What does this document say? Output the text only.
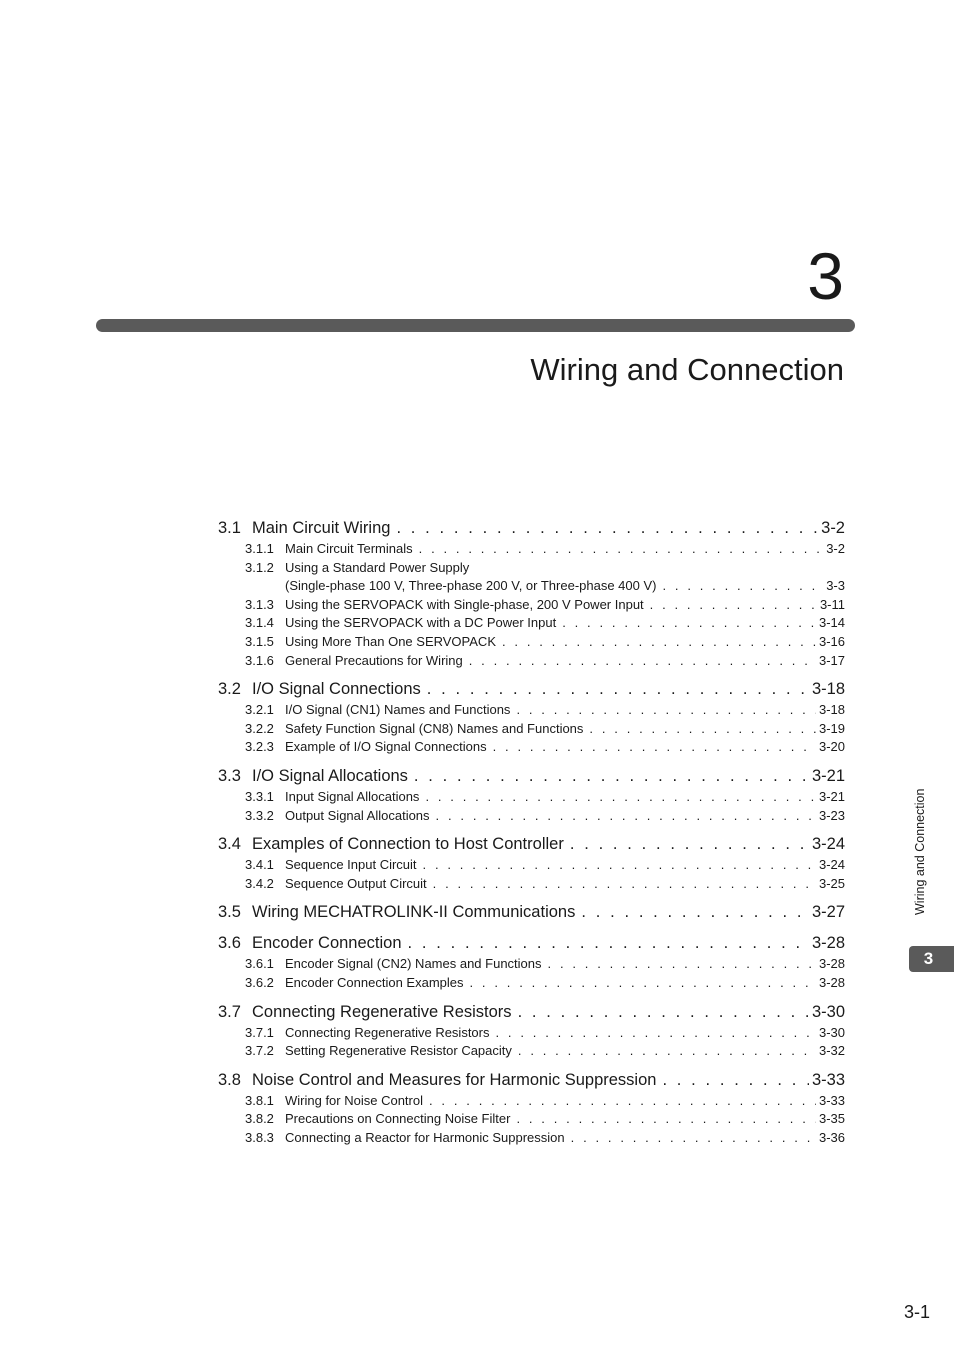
3
Wiring and Connection
3.1 Main Circuit Wiring . . .	3-2
3.1.1 Main Circuit Terminals . . .	3-2
3.1.2 Using a Standard Power Supply
(Single-phase 100 V, Three-phase 200 V, or Three-phase 400 V) . . .	3-3
3.1.3 Using the SERVOPACK with Single-phase, 200 V Power Input . . .	3-11
3.1.4 Using the SERVOPACK with a DC Power Input . . .	3-14
3.1.5 Using More Than One SERVOPACK . . .	3-16
3.1.6 General Precautions for Wiring . . .	3-17
3.2 I/O Signal Connections . . .	3-18
3.2.1 I/O Signal (CN1) Names and Functions . . .	3-18
3.2.2 Safety Function Signal (CN8) Names and Functions . . .	3-19
3.2.3 Example of I/O Signal Connections . . .	3-20
3.3 I/O Signal Allocations . . .	3-21
3.3.1 Input Signal Allocations . . .	3-21
3.3.2 Output Signal Allocations . . .	3-23
3.4 Examples of Connection to Host Controller . . .	3-24
3.4.1 Sequence Input Circuit . . .	3-24
3.4.2 Sequence Output Circuit . . .	3-25
3.5 Wiring MECHATROLINK-II Communications . . .	3-27
3.6 Encoder Connection . . .	3-28
3.6.1 Encoder Signal (CN2) Names and Functions . . .	3-28
3.6.2 Encoder Connection Examples . . .	3-28
3.7 Connecting Regenerative Resistors . . .	3-30
3.7.1 Connecting Regenerative Resistors . . .	3-30
3.7.2 Setting Regenerative Resistor Capacity . . .	3-32
3.8 Noise Control and Measures for Harmonic Suppression . . .	3-33
3.8.1 Wiring for Noise Control . . .	3-33
3.8.2 Precautions on Connecting Noise Filter . . .	3-35
3.8.3 Connecting a Reactor for Harmonic Suppression . . .	3-36
Wiring and Connection
3
3-1
